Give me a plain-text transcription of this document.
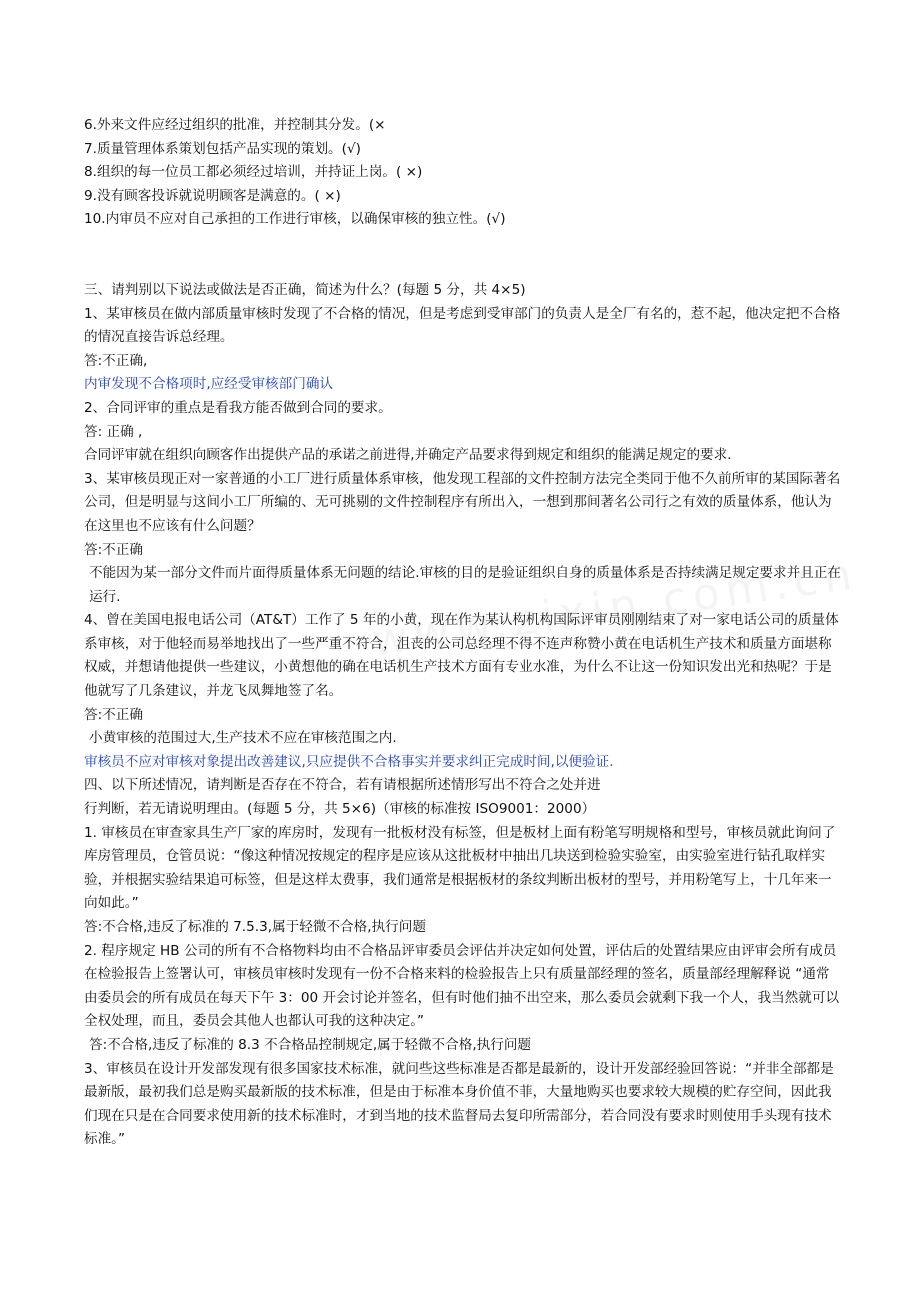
6.外来文件应经过组织的批准，并控制其分发。(×

7.质量管理体系策划包括产品实现的策划。(√)

8.组织的每一位员工都必须经过培训，并持证上岗。( ×)

9.没有顾客投诉就说明顾客是满意的。( ×)

10.内审员不应对自己承担的工作进行审核，以确保审核的独立性。(√)

三、请判别以下说法或做法是否正确，简述为什么？(每题 5 分，共 4×5)

1、某审核员在做内部质量审核时发现了不合格的情况，但是考虑到受审部门的负责人是全厂有名的，惹不起，他决定把不合格的情况直接告诉总经理。

答:不正确,

内审发现不合格项时,应经受审核部门确认

2、合同评审的重点是看我方能否做到合同的要求。

答: 正确 ,

合同评审就在组织向顾客作出提供产品的承诺之前进得,并确定产品要求得到规定和组织的能满足规定的要求.

3、某审核员现正对一家普通的小工厂进行质量体系审核，他发现工程部的文件控制方法完全类同于他不久前所审的某国际著名公司，但是明显与这间小工厂所编的、无可挑剔的文件控制程序有所出入，一想到那间著名公司行之有效的质量体系，他认为在这里也不应该有什么问题？

答:不正确

不能因为某一部分文件而片面得质量体系无问题的结论.审核的目的是验证组织自身的质量体系是否持续满足规定要求并且正在运行.

4、曾在美国电报电话公司（AT&T）工作了 5 年的小黄，现在作为某认构机构国际评审员刚刚结束了对一家电话公司的质量体系审核，对于他轻而易举地找出了一些严重不符合，沮丧的公司总经理不得不连声称赞小黄在电话机生产技术和质量方面堪称权威，并想请他提供一些建议，小黄想他的确在电话机生产技术方面有专业水准，为什么不让这一份知识发出光和热呢？于是他就写了几条建议，并龙飞凤舞地签了名。

答:不正确

小黄审核的范围过大,生产技术不应在审核范围之内.

审核员不应对审核对象提出改善建议,只应提供不合格事实并要求纠正完成时间,以便验证.

四、以下所述情况，请判断是否存在不符合，若有请根据所述情形写出不符合之处并进

行判断，若无请说明理由。(每题 5 分，共 5×6)（审核的标准按 ISO9001：2000）

1. 审核员在审查家具生产厂家的库房时，发现有一批板材没有标签，但是板材上面有粉笔写明规格和型号，审核员就此询问了库房管理员，仓管员说：“像这种情况按规定的程序是应该从这批板材中抽出几块送到检验实验室，由实验室进行钻孔取样实验，并根据实验结果追可标签，但是这样太费事，我们通常是根据板材的条纹判断出板材的型号，并用粉笔写上，十几年来一向如此。”

答:不合格,违反了标准的 7.5.3,属于轻微不合格,执行问题

2. 程序规定 HB 公司的所有不合格物料均由不合格品评审委员会评估并决定如何处置，评估后的处置结果应由评审会所有成员在检验报告上签署认可，审核员审核时发现有一份不合格来料的检验报告上只有质量部经理的签名，质量部经理解释说 “通常由委员会的所有成员在每天下午 3：00 开会讨论并签名，但有时他们抽不出空来，那么委员会就剩下我一个人，我当然就可以全权处理，而且，委员会其他人也都认可我的这种决定。”

答:不合格,违反了标准的 8.3 不合格品控制规定,属于轻微不合格,执行问题

3、审核员在设计开发部发现有很多国家技术标准，就问些这些标准是否都是最新的，设计开发部经验回答说：“并非全部都是最新版，最初我们总是购买最新版的技术标准，但是由于标准本身价值不菲，大量地购买也要求较大规模的贮存空间，因此我们现在只是在合同要求使用新的技术标准时，才到当地的技术监督局去复印所需部分，若合同没有要求时则使用手头现有技术标准。”
